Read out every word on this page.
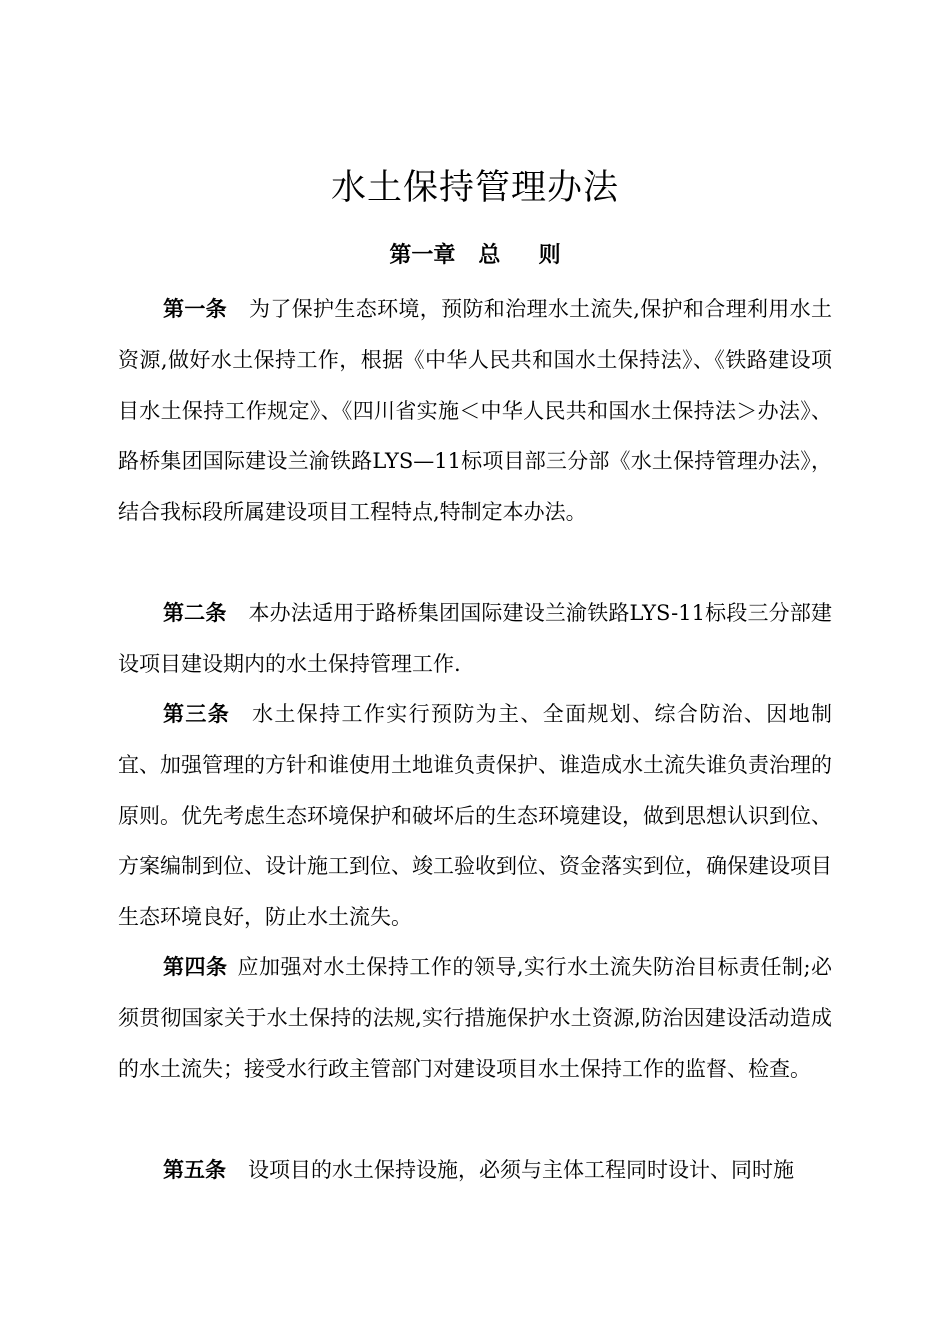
水土保持管理办法
第一章   总     则

第一条 为了保护生态环境，预防和治理水土流失,保护和合理利用水土资源,做好水土保持工作，根据《中华人民共和国水土保持法》、《铁路建设项目水土保持工作规定》、《四川省实施＜中华人民共和国水土保持法＞办法》、路桥集团国际建设兰渝铁路LYS—11标项目部三分部《水土保持管理办法》，结合我标段所属建设项目工程特点,特制定本办法。

第二条 本办法适用于路桥集团国际建设兰渝铁路LYS-11标段三分部建设项目建设期内的水土保持管理工作.

第三条 水土保持工作实行预防为主、全面规划、综合防治、因地制宜、加强管理的方针和谁使用土地谁负责保护、谁造成水土流失谁负责治理的原则。优先考虑生态环境保护和破坏后的生态环境建设，做到思想认识到位、方案编制到位、设计施工到位、竣工验收到位、资金落实到位，确保建设项目生态环境良好，防止水土流失。

第四条 应加强对水土保持工作的领导,实行水土流失防治目标责任制;必须贯彻国家关于水土保持的法规,实行措施保护水土资源,防治因建设活动造成的水土流失；接受水行政主管部门对建设项目水土保持工作的监督、检查。

第五条 设项目的水土保持设施，必须与主体工程同时设计、同时施
